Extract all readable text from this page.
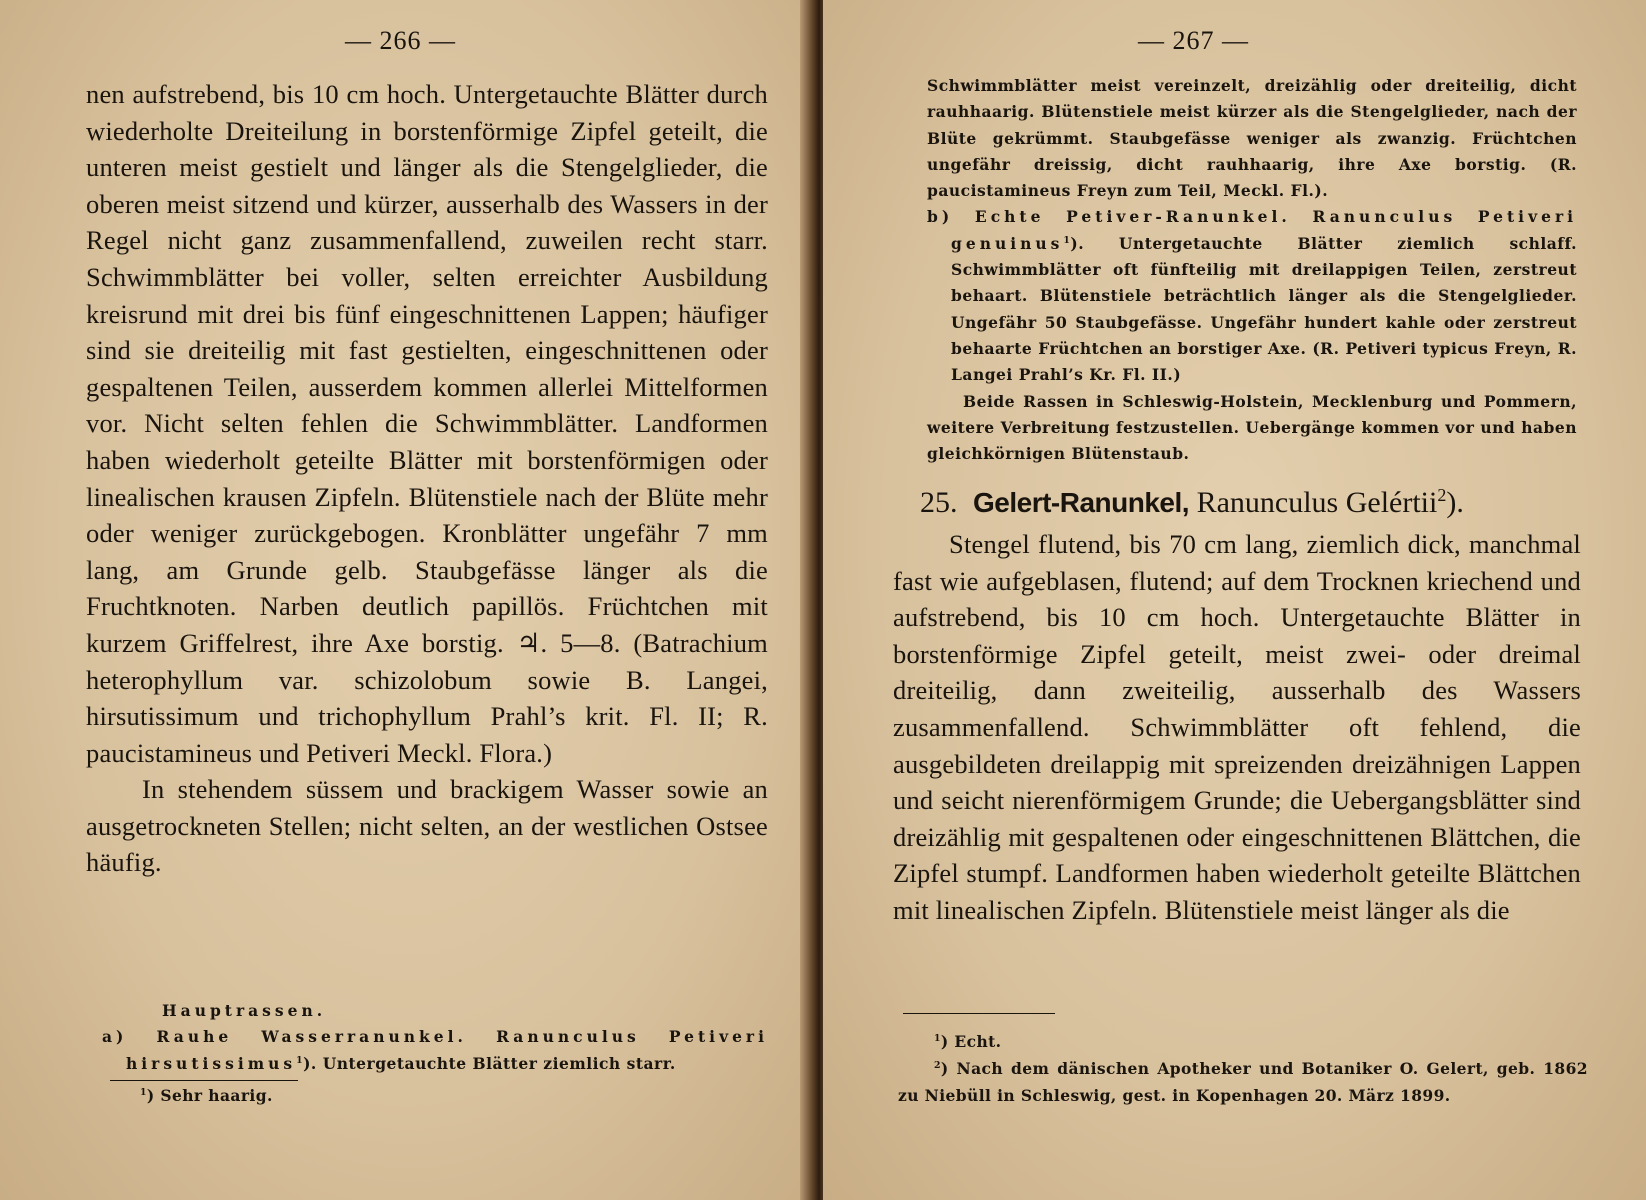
— 266 —

nen aufstrebend, bis 10 cm hoch. Untergetauchte Blätter durch wiederholte Dreiteilung in borstenförmige Zipfel geteilt, die unteren meist gestielt und länger als die Stengelglieder, die oberen meist sitzend und kürzer, ausserhalb des Wassers in der Regel nicht ganz zusammenfallend, zuweilen recht starr. Schwimmblätter bei voller, selten erreichter Ausbildung kreisrund mit drei bis fünf eingeschnittenen Lappen; häufiger sind sie dreiteilig mit fast gestielten, eingeschnittenen oder gespaltenen Teilen, ausserdem kommen allerlei Mittelformen vor. Nicht selten fehlen die Schwimmblätter. Landformen haben wiederholt geteilte Blätter mit borstenförmigen oder linealischen krausen Zipfeln. Blütenstiele nach der Blüte mehr oder weniger zurückgebogen. Kronblätter ungefähr 7 mm lang, am Grunde gelb. Staubgefässe länger als die Fruchtknoten. Narben deutlich papillös. Früchtchen mit kurzem Griffelrest, ihre Axe borstig. ♃. 5—8. (Batrachium heterophyllum var. schizolobum sowie B. Langei, hirsutissimum und trichophyllum Prahl’s krit. Fl. II; R. paucistamineus und Petiveri Meckl. Flora.)

In stehendem süssem und brackigem Wasser sowie an ausgetrockneten Stellen; nicht selten, an der westlichen Ostsee häufig.

Hauptrassen.

a) Rauhe Wasserranunkel. Ranunculus Petiveri hirsutissimus$^1$). Untergetauchte Blätter ziemlich starr.

$^1$) Sehr haarig.

— 267 —

Schwimmblätter meist vereinzelt, dreizählig oder dreiteilig, dicht rauhhaarig. Blütenstiele meist kürzer als die Stengelglieder, nach der Blüte gekrümmt. Staubgefässe weniger als zwanzig. Früchtchen ungefähr dreissig, dicht rauhhaarig, ihre Axe borstig. (R. paucistamineus Freyn zum Teil, Meckl. Fl.).

b) Echte Petiver-Ranunkel. Ranunculus Petiveri genuinus$^1$). Untergetauchte Blätter ziemlich schlaff. Schwimmblätter oft fünfteilig mit dreilappigen Teilen, zerstreut behaart. Blütenstiele beträchtlich länger als die Stengelglieder. Ungefähr 50 Staubgefässe. Ungefähr hundert kahle oder zerstreut behaarte Früchtchen an borstiger Axe. (R. Petiveri typicus Freyn, R. Langei Prahl’s Kr. Fl. II.)

Beide Rassen in Schleswig-Holstein, Mecklenburg und Pommern, weitere Verbreitung festzustellen. Uebergänge kommen vor und haben gleichkörnigen Blütenstaub.

25. Gelert-Ranunkel, Ranunculus Gelértii$^2$).

Stengel flutend, bis 70 cm lang, ziemlich dick, manchmal fast wie aufgeblasen, flutend; auf dem Trocknen kriechend und aufstrebend, bis 10 cm hoch. Untergetauchte Blätter in borstenförmige Zipfel geteilt, meist zwei- oder dreimal dreiteilig, dann zweiteilig, ausserhalb des Wassers zusammenfallend. Schwimmblätter oft fehlend, die ausgebildeten dreilappig mit spreizenden dreizähnigen Lappen und seicht nierenförmigem Grunde; die Uebergangsblätter sind dreizählig mit gespaltenen oder eingeschnittenen Blättchen, die Zipfel stumpf. Landformen haben wiederholt geteilte Blättchen mit linealischen Zipfeln. Blütenstiele meist länger als die

$^1$) Echt.

$^2$) Nach dem dänischen Apotheker und Botaniker O. Gelert, geb. 1862 zu Niebüll in Schleswig, gest. in Kopenhagen 20. März 1899.
